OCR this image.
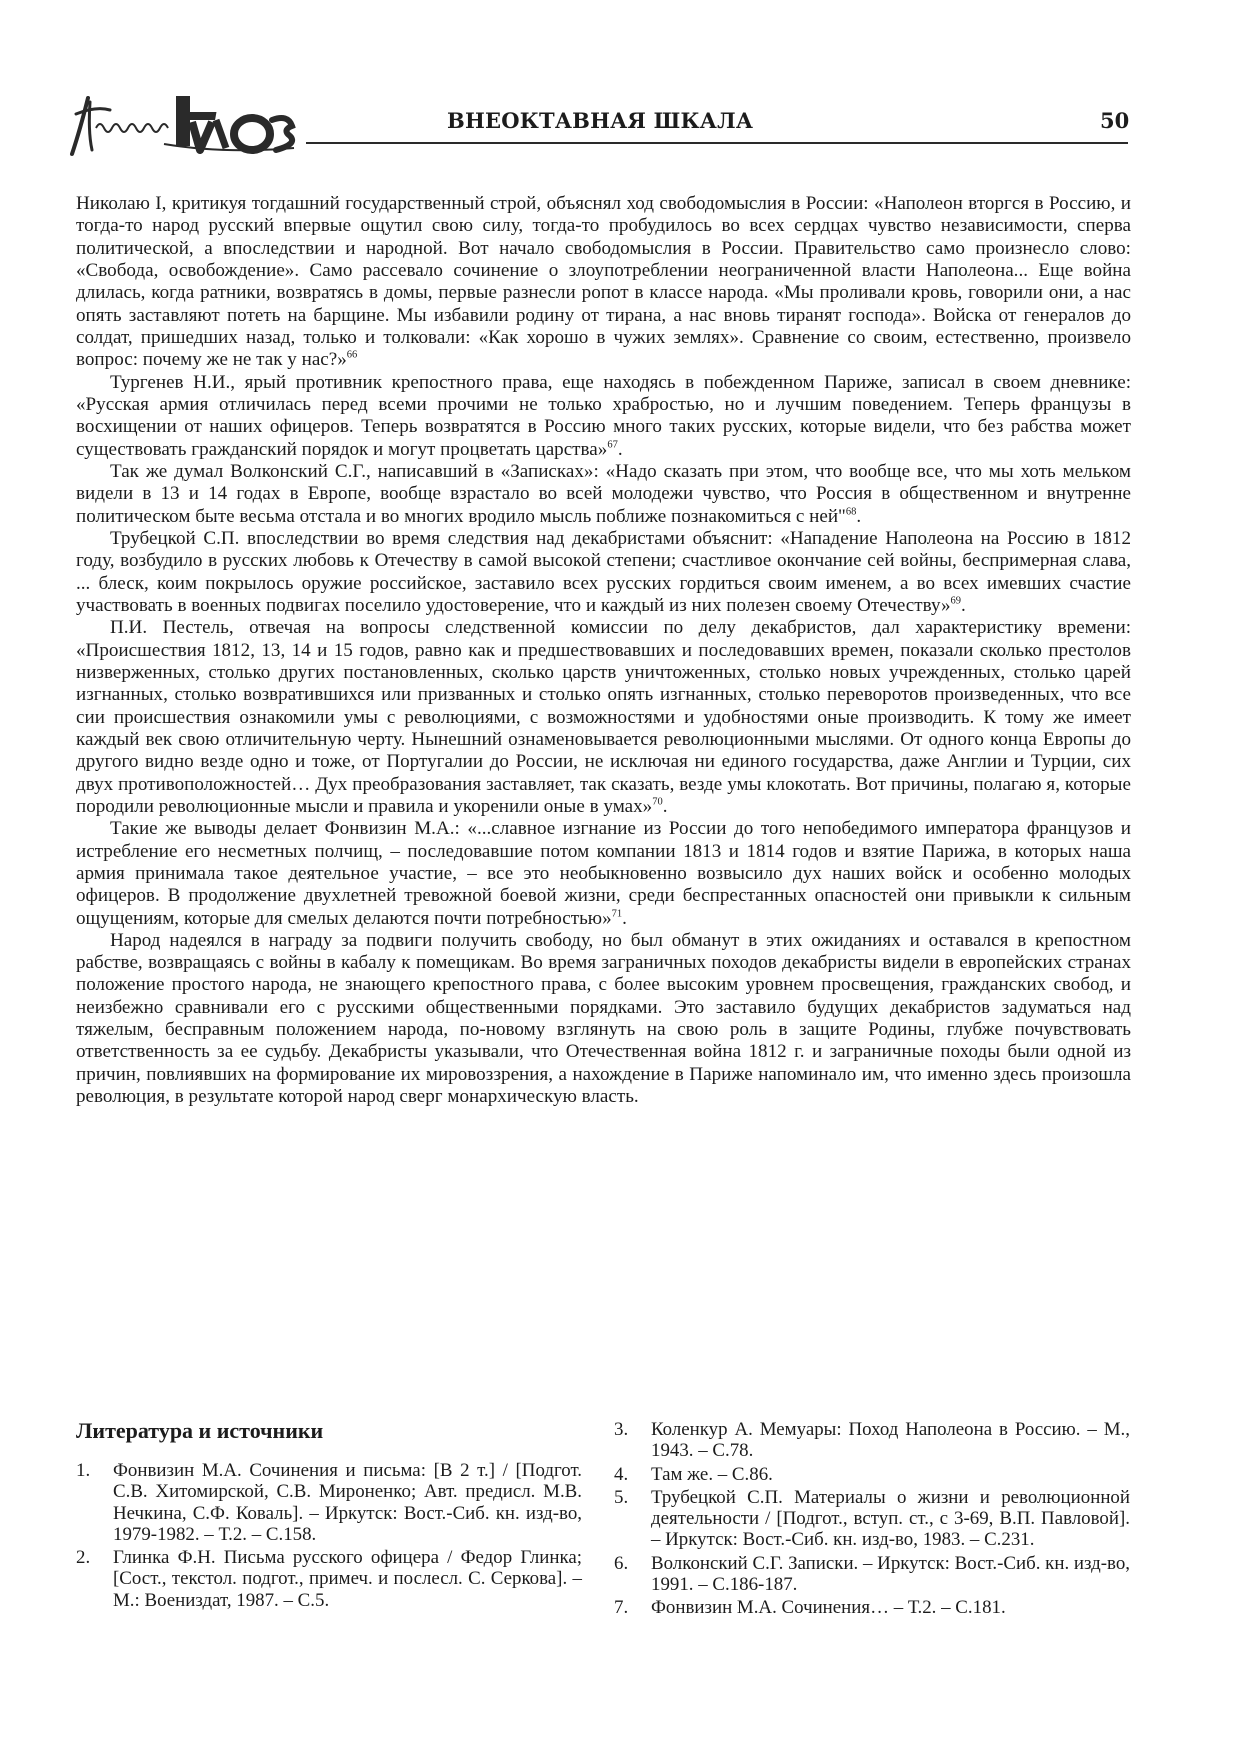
ВНЕОКТАВНАЯ ШКАЛА	50

Николаю I, критикуя тогдашний государственный строй, объяснял ход свободомыслия в России: «Наполеон вторгся в Россию, и тогда-то народ русский впервые ощутил свою силу, тогда-то пробудилось во всех сердцах чувство независимости, сперва политической, а впоследствии и народной. Вот начало свободомыслия в России. Правительство само произнесло слово: «Свобода, освобождение». Само рассевало сочинение о злоупотреблении неограниченной власти Наполеона... Еще война длилась, когда ратники, возвратясь в домы, первые разнесли ропот в классе народа. «Мы проливали кровь, говорили они, а нас опять заставляют потеть на барщине. Мы избавили родину от тирана, а нас вновь тиранят господа». Войска от генералов до солдат, пришедших назад, только и толковали: «Как хорошо в чужих землях». Сравнение со своим, естественно, произвело вопрос: почему же не так у нас?»$^{66}$

Тургенев Н.И., ярый противник крепостного права, еще находясь в побежденном Париже, записал в своем дневнике: «Русская армия отличилась перед всеми прочими не только храбростью, но и лучшим поведением. Теперь французы в восхищении от наших офицеров. Теперь возвратятся в Россию много таких русских, которые видели, что без рабства может существовать гражданский порядок и могут процветать царства»$^{67}$.

Так же думал Волконский С.Г., написавший в «Записках»: «Надо сказать при этом, что вообще все, что мы хоть мельком видели в 13 и 14 годах в Европе, вообще взрастало во всей молодежи чувство, что Россия в общественном и внутренне политическом быте весьма отстала и во многих вродило мысль поближе познакомиться с ней"$^{68}$.

Трубецкой С.П. впоследствии во время следствия над декабристами объяснит: «Нападение Наполеона на Россию в 1812 году, возбудило в русских любовь к Отечеству в самой высокой степени; счастливое окончание сей войны, беспримерная слава, ... блеск, коим покрылось оружие российское, заставило всех русских гордиться своим именем, а во всех имевших счастие участвовать в военных подвигах поселило удостоверение, что и каждый из них полезен своему Отечеству»$^{69}$.

П.И. Пестель, отвечая на вопросы следственной комиссии по делу декабристов, дал характеристику времени: «Происшествия 1812, 13, 14 и 15 годов, равно как и предшествовавших и последовавших времен, показали сколько престолов низверженных, столько других постановленных, сколько царств уничтоженных, столько новых учрежденных, столько царей изгнанных, столько возвратившихся или призванных и столько опять изгнанных, столько переворотов произведенных, что все сии происшествия ознакомили умы с революциями, с возможностями и удобностями оные производить. К тому же имеет каждый век свою отличительную черту. Нынешний ознаменовывается революционными мыслями. От одного конца Европы до другого видно везде одно и тоже, от Португалии до России, не исключая ни единого государства, даже Англии и Турции, сих двух противоположностей… Дух преобразования заставляет, так сказать, везде умы клокотать. Вот причины, полагаю я, которые породили революционные мысли и правила и укоренили оные в умах»$^{70}$.

Такие же выводы делает Фонвизин М.А.: «...славное изгнание из России до того непобедимого императора французов и истребление его несметных полчищ, – последовавшие потом компании 1813 и 1814 годов и взятие Парижа, в которых наша армия принимала такое деятельное участие, – все это необыкновенно возвысило дух наших войск и особенно молодых офицеров. В продолжение двухлетней тревожной боевой жизни, среди беспрестанных опасностей они привыкли к сильным ощущениям, которые для смелых делаются почти потребностью»$^{71}$.

Народ надеялся в награду за подвиги получить свободу, но был обманут в этих ожиданиях и оставался в крепостном рабстве, возвращаясь с войны в кабалу к помещикам. Во время заграничных походов декабристы видели в европейских странах положение простого народа, не знающего крепостного права, с более высоким уровнем просвещения, гражданских свобод, и неизбежно сравнивали его с русскими общественными порядками. Это заставило будущих декабристов задуматься над тяжелым, бесправным положением народа, по-новому взглянуть на свою роль в защите Родины, глубже почувствовать ответственность за ее судьбу. Декабристы указывали, что Отечественная война 1812 г. и заграничные походы были одной из причин, повлиявших на формирование их мировоззрения, а нахождение в Париже напоминало им, что именно здесь произошла революция, в результате которой народ сверг монархическую власть.

Литература и источники
1. Фонвизин М.А. Сочинения и письма: [В 2 т.] / [Подгот. С.В. Хитомирской, С.В. Мироненко; Авт. предисл. М.В. Нечкина, С.Ф. Коваль]. – Иркутск: Вост.-Сиб. кн. изд-во, 1979-1982. – Т.2. – С.158.
2. Глинка Ф.Н. Письма русского офицера / Федор Глинка; [Сост., текстол. подгот., примеч. и послесл. С. Серкова]. – М.: Воениздат, 1987. – С.5.
3. Коленкур А. Мемуары: Поход Наполеона в Россию. – М., 1943. – С.78.
4. Там же. – С.86.
5. Трубецкой С.П. Материалы о жизни и революционной деятельности / [Подгот., вступ. ст., с 3-69, В.П. Павловой]. – Иркутск: Вост.-Сиб. кн. изд-во, 1983. – С.231.
6. Волконский С.Г. Записки. – Иркутск: Вост.-Сиб. кн. изд-во, 1991. – С.186-187.
7. Фонвизин М.А. Сочинения… – Т.2. – С.181.
